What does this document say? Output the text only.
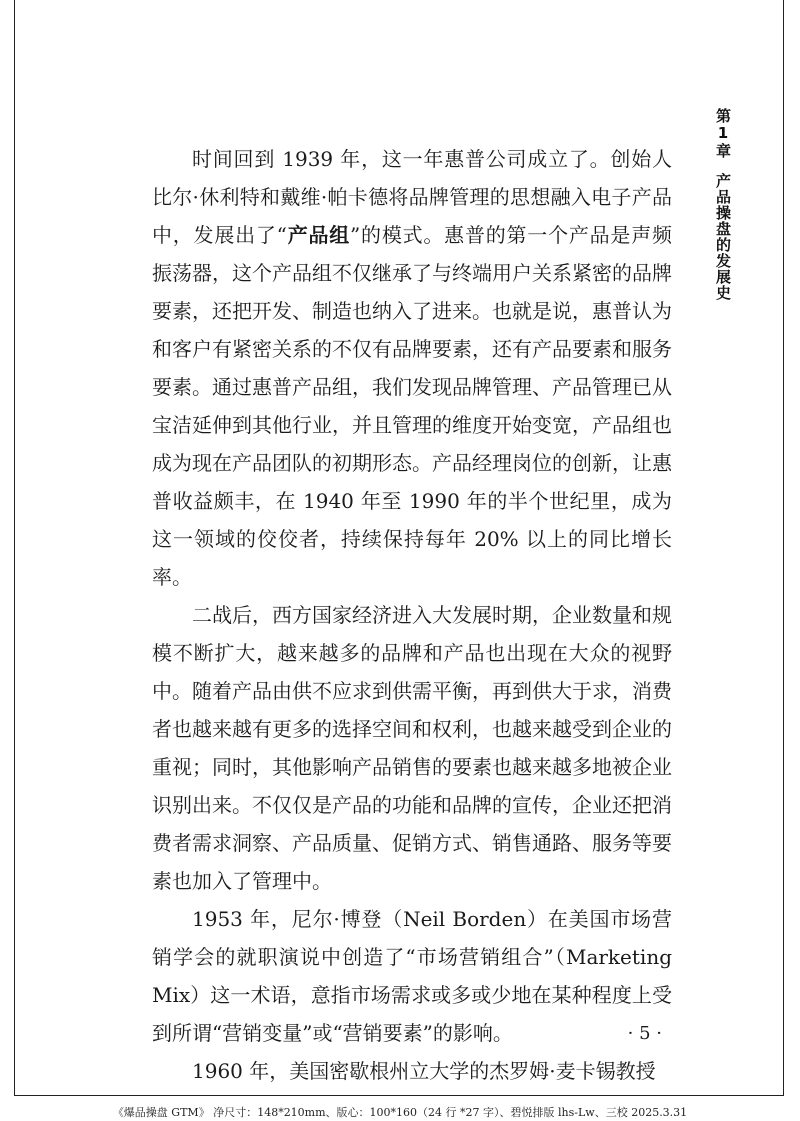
第1章产品操盘的发展史

时间回到 1939 年，这一年惠普公司成立了。创始人比尔·休利特和戴维·帕卡德将品牌管理的思想融入电子产品中，发展出了“产品组”的模式。惠普的第一个产品是声频振荡器，这个产品组不仅继承了与终端用户关系紧密的品牌要素，还把开发、制造也纳入了进来。也就是说，惠普认为和客户有紧密关系的不仅有品牌要素，还有产品要素和服务要素。通过惠普产品组，我们发现品牌管理、产品管理已从宝洁延伸到其他行业，并且管理的维度开始变宽，产品组也成为现在产品团队的初期形态。产品经理岗位的创新，让惠普收益颇丰，在 1940 年至 1990 年的半个世纪里，成为这一领域的佼佼者，持续保持每年 20% 以上的同比增长率。

二战后，西方国家经济进入大发展时期，企业数量和规模不断扩大，越来越多的品牌和产品也出现在大众的视野中。随着产品由供不应求到供需平衡，再到供大于求，消费者也越来越有更多的选择空间和权利，也越来越受到企业的重视；同时，其他影响产品销售的要素也越来越多地被企业识别出来。不仅仅是产品的功能和品牌的宣传，企业还把消费者需求洞察、产品质量、促销方式、销售通路、服务等要素也加入了管理中。

1953 年，尼尔·博登（Neil Borden）在美国市场营销学会的就职演说中创造了“市场营销组合”（Marketing Mix）这一术语，意指市场需求或多或少地在某种程度上受到所谓“营销变量”或“营销要素”的影响。

1960 年，美国密歇根州立大学的杰罗姆·麦卡锡教授

· 5 ·
《爆品操盘 GTM》 净尺寸：148*210mm、版心：100*160（24 行 *27 字）、碧悦排版 lhs-Lw、三校 2025.3.31
